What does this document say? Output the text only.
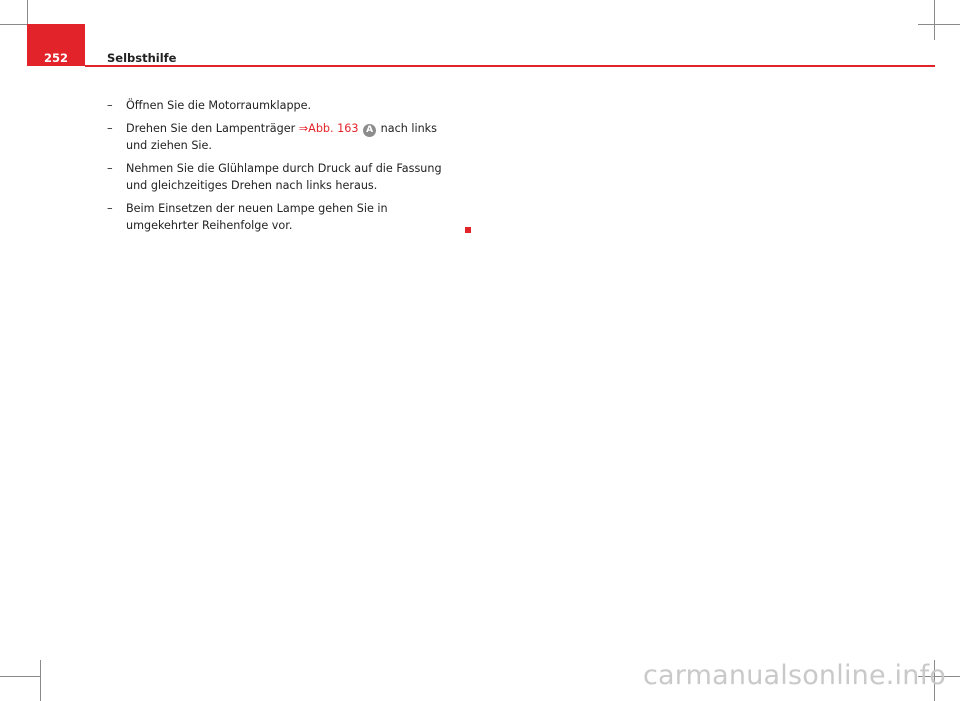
252	Selbsthilfe
– Öffnen Sie die Motorraumklappe.
– Drehen Sie den Lampenträger ⇒Abb. 163 A nach links und ziehen Sie.
– Nehmen Sie die Glühlampe durch Druck auf die Fassung und gleichzeitiges Drehen nach links heraus.
– Beim Einsetzen der neuen Lampe gehen Sie in umgekehrter Reihenfolge vor.
carmanualsonline.info
